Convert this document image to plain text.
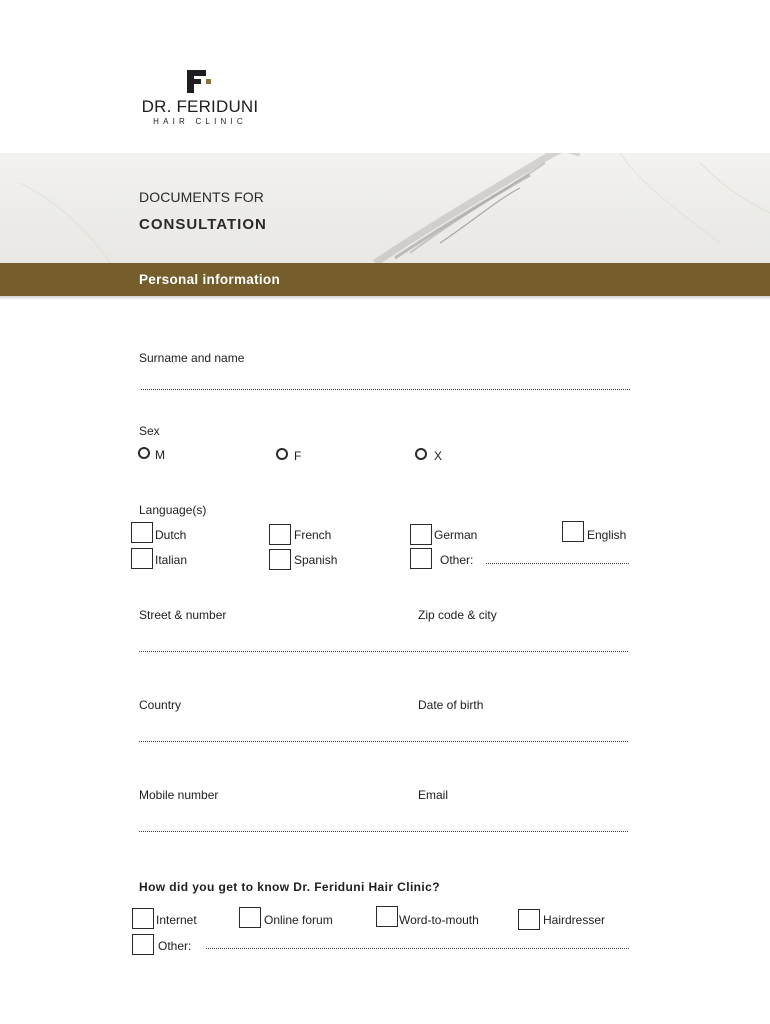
DR. FERIDUNI
HAIR CLINIC
DOCUMENTS FOR
CONSULTATION
Personal information
Surname and name
Sex
M	F	X
Language(s)
Dutch	French	German	English
Italian	Spanish	Other:
Street & number	Zip code & city
Country	Date of birth
Mobile number	Email
How did you get to know Dr. Feriduni Hair Clinic?
Internet	Online forum	Word-to-mouth	Hairdresser
Other:
